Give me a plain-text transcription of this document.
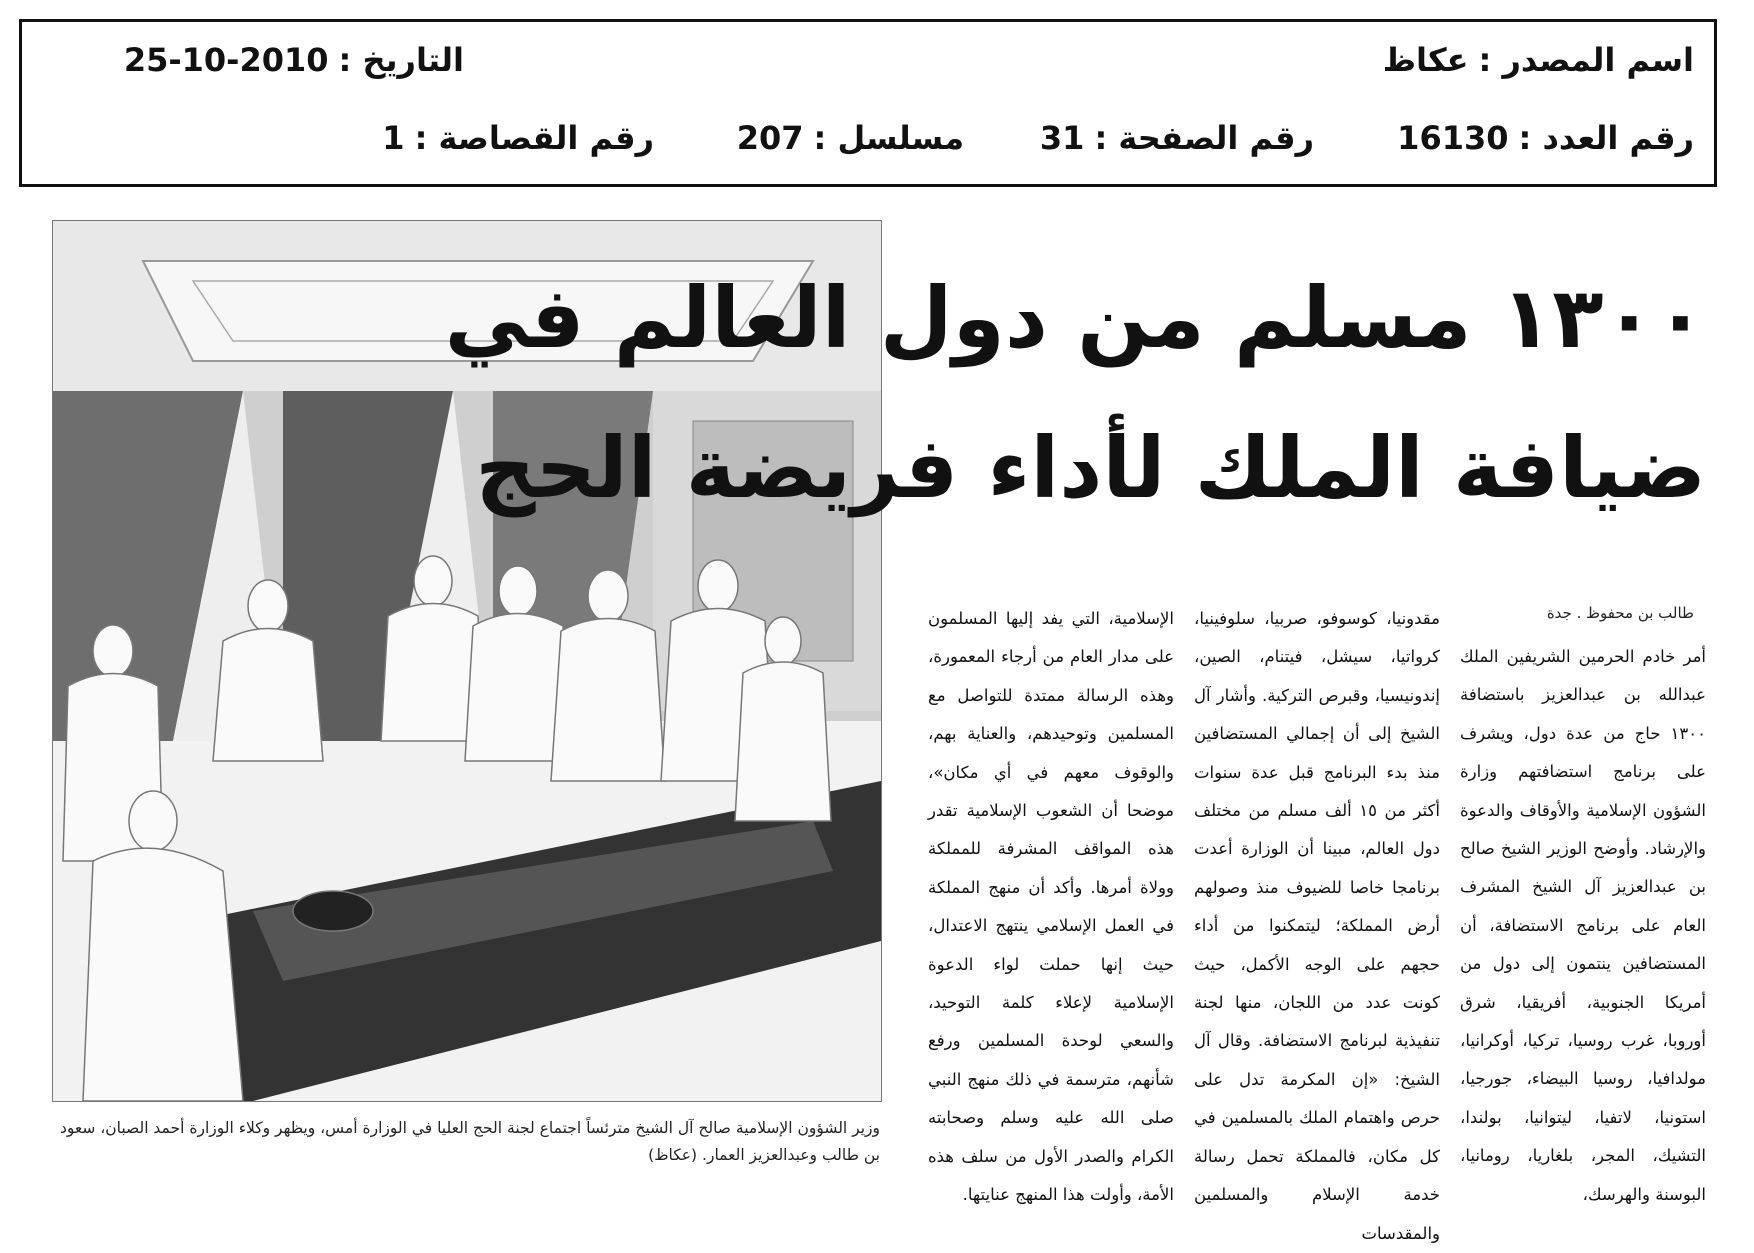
اسم المصدر :عكاظ
التاريخ :25-10-2010
رقم العدد :16130
رقم الصفحة :31
مسلسل :207
رقم القصاصة :1
وزير الشؤون الإسلامية صالح آل الشيخ مترئساً اجتماع لجنة الحج العليا في الوزارة أمس، ويظهر وكلاء الوزارة أحمد الصبان، سعود بن طالب وعبدالعزيز العمار. (عكاظ)
١٣٠٠ مسلم من دول العالم في
ضيافة الملك لأداء فريضة الحج
طالب بن محفوظ . جدة

أمر خادم الحرمين الشريفين الملك عبدالله بن عبدالعزيز باستضافة ١٣٠٠ حاج من عدة دول، ويشرف على برنامج استضافتهم وزارة الشؤون الإسلامية والأوقاف والدعوة والإرشاد. وأوضح الوزير الشيخ صالح بن عبدالعزيز آل الشيخ المشرف العام على برنامج الاستضافة، أن المستضافين ينتمون إلى دول من أمريكا الجنوبية، أفريقيا، شرق أوروبا، غرب روسيا، تركيا، أوكرانيا، مولدافيا، روسيا البيضاء، جورجيا، استونيا، لاتفيا، ليتوانيا، بولندا، التشيك، المجر، بلغاريا، رومانيا، البوسنة والهرسك،

مقدونيا، كوسوفو، صربيا، سلوفينيا، كرواتيا، سيشل، فيتنام، الصين، إندونيسيا، وقبرص التركية. وأشار آل الشيخ إلى أن إجمالي المستضافين منذ بدء البرنامج قبل عدة سنوات أكثر من ١٥ ألف مسلم من مختلف دول العالم، مبينا أن الوزارة أعدت برنامجا خاصا للضيوف منذ وصولهم أرض المملكة؛ ليتمكنوا من أداء حجهم على الوجه الأكمل، حيث كونت عدد من اللجان، منها لجنة تنفيذية لبرنامج الاستضافة. وقال آل الشيخ: «إن المكرمة تدل على حرص واهتمام الملك بالمسلمين في كل مكان، فالمملكة تحمل رسالة خدمة الإسلام والمسلمين والمقدسات

الإسلامية، التي يفد إليها المسلمون على مدار العام من أرجاء المعمورة، وهذه الرسالة ممتدة للتواصل مع المسلمين وتوحيدهم، والعناية بهم، والوقوف معهم في أي مكان»، موضحا أن الشعوب الإسلامية تقدر هذه المواقف المشرفة للمملكة وولاة أمرها. وأكد أن منهج المملكة في العمل الإسلامي ينتهج الاعتدال، حيث إنها حملت لواء الدعوة الإسلامية لإعلاء كلمة التوحيد، والسعي لوحدة المسلمين ورفع شأنهم، مترسمة في ذلك منهج النبي صلى الله عليه وسلم وصحابته الكرام والصدر الأول من سلف هذه الأمة، وأولت هذا المنهج عنايتها.
